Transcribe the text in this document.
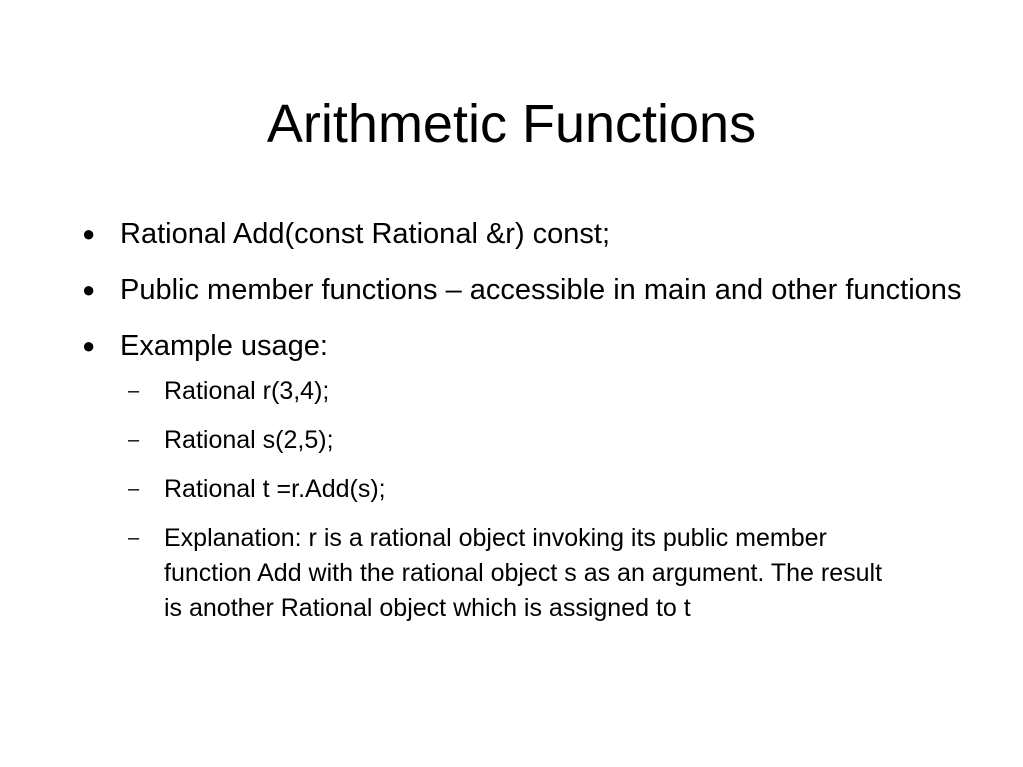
Arithmetic Functions
● Rational Add(const Rational &r) const;
● Public member functions – accessible in main and other functions
● Example usage:
– Rational r(3,4);
– Rational s(2,5);
– Rational t =r.Add(s);
– Explanation: r is a rational object invoking its public member function Add with the rational object s as an argument. The result is another Rational object which is assigned to t
